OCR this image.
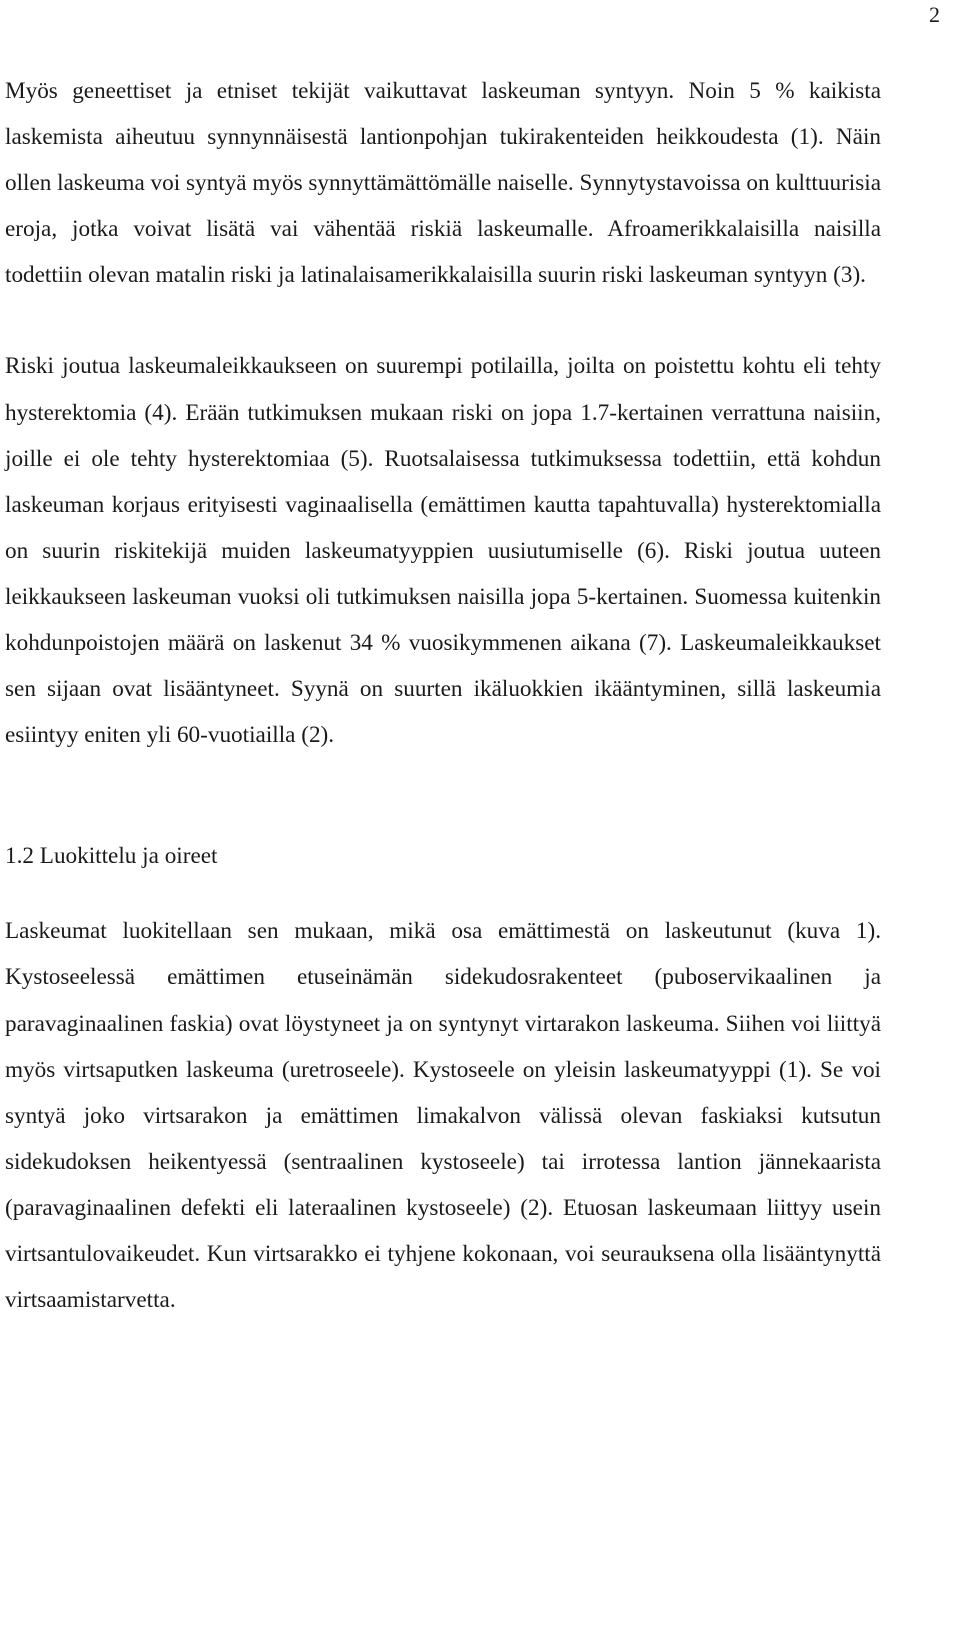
2

Myös geneettiset ja etniset tekijät vaikuttavat laskeuman syntyyn. Noin 5 % kaikista laskemista aiheutuu synnynnäisestä lantionpohjan tukirakenteiden heikkoudesta (1). Näin ollen laskeuma voi syntyä myös synnyttämättömälle naiselle. Synnytystavoissa on kulttuurisia eroja, jotka voivat lisätä vai vähentää riskiä laskeumalle. Afroamerikkalaisilla naisilla todettiin olevan matalin riski ja latinalaisamerikkalaisilla suurin riski laskeuman syntyyn (3).

Riski joutua laskeumaleikkaukseen on suurempi potilailla, joilta on poistettu kohtu eli tehty hysterektomia (4). Erään tutkimuksen mukaan riski on jopa 1.7-kertainen verrattuna naisiin, joille ei ole tehty hysterektomiaa (5). Ruotsalaisessa tutkimuksessa todettiin, että kohdun laskeuman korjaus erityisesti vaginaalisella (emättimen kautta tapahtuvalla) hysterektomialla on suurin riskitekijä muiden laskeumatyyppien uusiutumiselle (6). Riski joutua uuteen leikkaukseen laskeuman vuoksi oli tutkimuksen naisilla jopa 5-kertainen. Suomessa kuitenkin kohdunpoistojen määrä on laskenut 34 % vuosikymmenen aikana (7). Laskeumaleikkaukset sen sijaan ovat lisääntyneet. Syynä on suurten ikäluokkien ikääntyminen, sillä laskeumia esiintyy eniten yli 60-vuotiailla (2).

1.2 Luokittelu ja oireet

Laskeumat luokitellaan sen mukaan, mikä osa emättimestä on laskeutunut (kuva 1). Kystoseelessä emättimen etuseinämän sidekudosrakenteet (puboservikaalinen ja paravaginaalinen faskia) ovat löystyneet ja on syntynyt virtarakon laskeuma. Siihen voi liittyä myös virtsaputken laskeuma (uretroseele). Kystoseele on yleisin laskeumatyyppi (1). Se voi syntyä joko virtsarakon ja emättimen limakalvon välissä olevan faskiaksi kutsutun sidekudoksen heikentyessä (sentraalinen kystoseele) tai irrotessa lantion jännekaarista (paravaginaalinen defekti eli lateraalinen kystoseele) (2). Etuosan laskeumaan liittyy usein virtsantulovaikeudet. Kun virtsarakko ei tyhjene kokonaan, voi seurauksena olla lisääntynyttä virtsaamistarvetta.
